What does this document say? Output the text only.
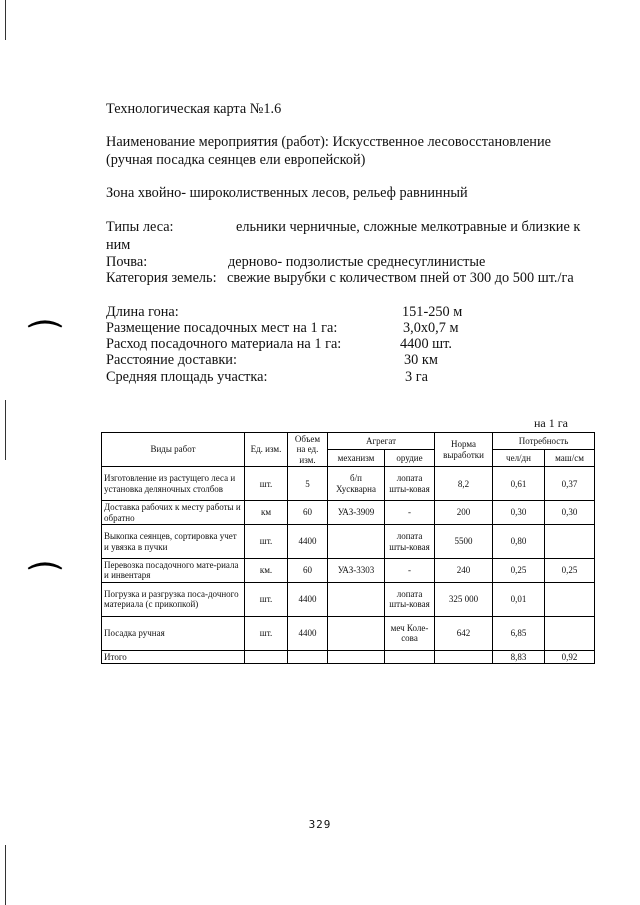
⌒
⌒
Технологическая карта №1.6
Наименование мероприятия (работ): Искусственное лесовосстановление
(ручная посадка сеянцев ели европейской)
Зона хвойно- широколиственных лесов, рельеф равнинный
Типы леса:	ельники черничные, сложные мелкотравные и близкие к
ним
Почва:	дерново- подзолистые среднесуглинистые
Категория земель: свежие вырубки с количеством пней от 300 до 500 шт./га
Длина гона:	151-250 м
Размещение посадочных мест на 1 га:	3,0x0,7 м
Расход посадочного материала на 1 га:	4400 шт.
Расстояние доставки:	30 км
Средняя площадь участка:	3 га
на 1 га
Виды работ	Ед. изм.	Объем на ед. изм.	Агрегат		Норма выработки	Потребность	
			механизм	орудие		чел/дн	маш/см
Изготовление из растущего леса и установка деляночных столбов	шт.	5	б/п Хускварна	лопата шты-ковая	8,2	0,61	0,37
Доставка рабочих к месту работы и обратно	км	60	УАЗ-3909	-	200	0,30	0,30
Выкопка сеянцев, сортировка учет и увязка в пучки	шт.	4400		лопата шты-ковая	5500	0,80	
Перевозка посадочного мате-риала и инвентаря	км.	60	УАЗ-3303	-	240	0,25	0,25
Погрузка и разгрузка поса-дочного материала (с прикопкой)	шт.	4400		лопата шты-ковая	325 000	0,01	
Посадка ручная	шт.	4400		меч Коле-сова	642	6,85	
Итого						8,83	0,92
329
